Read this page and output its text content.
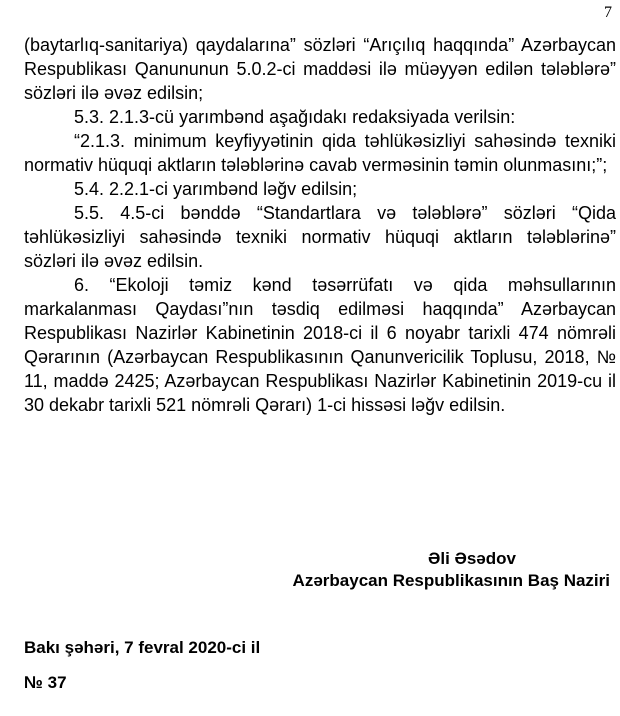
7

(baytarlıq-sanitariya) qaydalarına” sözləri “Arıçılıq haqqında” Azərbaycan Respublikası Qanununun 5.0.2-ci maddəsi ilə müəyyən edilən tələblərə” sözləri ilə əvəz edilsin;

5.3. 2.1.3-cü yarımbənd aşağıdakı redaksiyada verilsin:

“2.1.3. minimum keyfiyyətinin qida təhlükəsizliyi sahəsində texniki normativ hüquqi aktların tələblərinə cavab verməsinin təmin olunmasını;”;

5.4. 2.2.1-ci yarımbənd ləğv edilsin;

5.5. 4.5-ci bənddə “Standartlara və tələblərə” sözləri “Qida təhlükəsizliyi sahəsində texniki normativ hüquqi aktların tələblərinə” sözləri ilə əvəz edilsin.

6. “Ekoloji təmiz kənd təsərrüfatı və qida məhsullarının markalanması Qaydası”nın təsdiq edilməsi haqqında” Azərbaycan Respublikası Nazirlər Kabinetinin 2018-ci il 6 noyabr tarixli 474 nömrəli Qərarının (Azərbaycan Respublikasının Qanunvericilik Toplusu, 2018, № 11, maddə 2425; Azərbaycan Respublikası Nazirlər Kabinetinin 2019-cu il 30 dekabr tarixli 521 nömrəli Qərarı) 1-ci hissəsi ləğv edilsin.

Əli Əsədov
Azərbaycan Respublikasının Baş Naziri
Bakı şəhəri, 7 fevral 2020-ci il
№ 37
